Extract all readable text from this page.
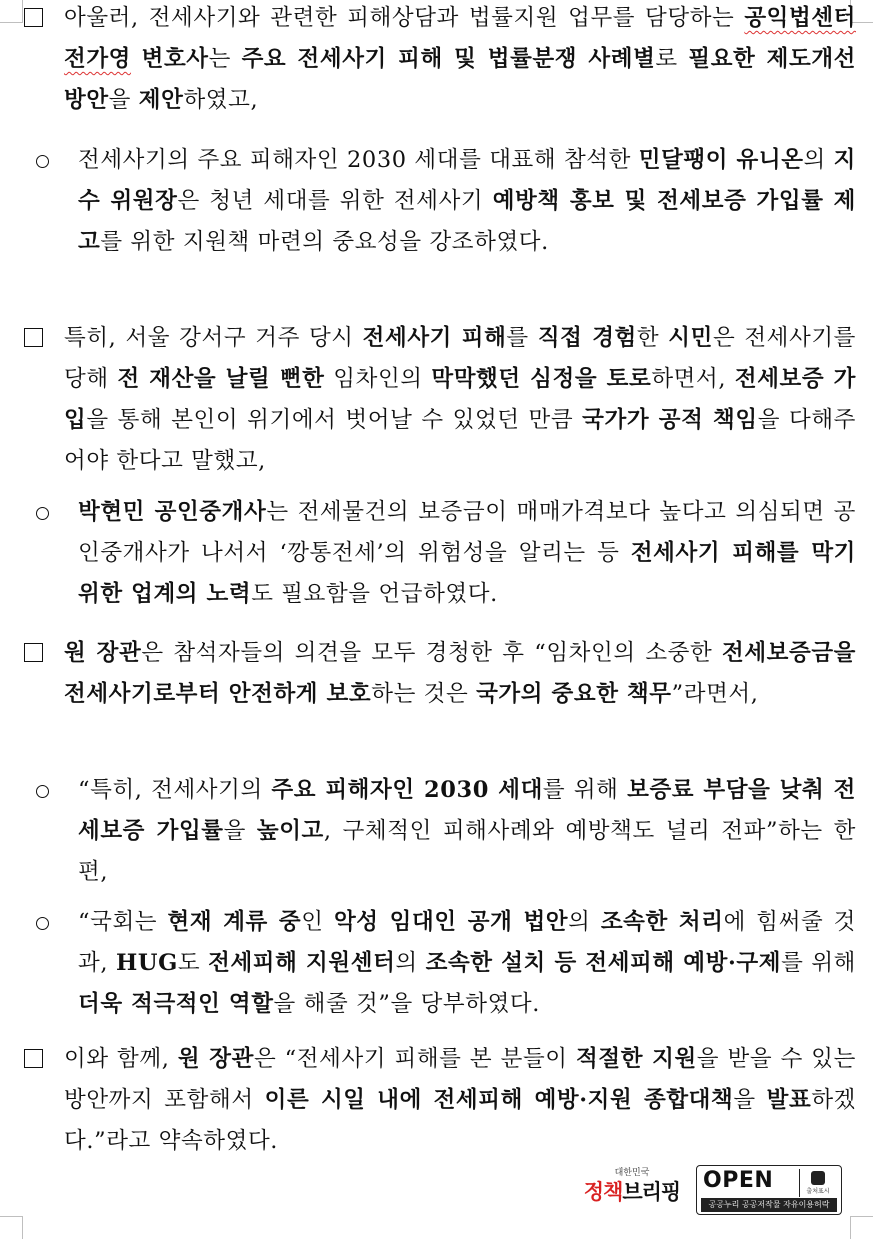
아울러, 전세사기와 관련한 피해상담과 법률지원 업무를 담당하는 공익법센터 전가영 변호사는 주요 전세사기 피해 및 법률분쟁 사례별로 필요한 제도개선 방안을 제안하였고,
전세사기의 주요 피해자인 2030 세대를 대표해 참석한 민달팽이 유니온의 지수 위원장은 청년 세대를 위한 전세사기 예방책 홍보 및 전세보증 가입률 제고를 위한 지원책 마련의 중요성을 강조하였다.
특히, 서울 강서구 거주 당시 전세사기 피해를 직접 경험한 시민은 전세사기를 당해 전 재산을 날릴 뻔한 임차인의 막막했던 심정을 토로하면서, 전세보증 가입을 통해 본인이 위기에서 벗어날 수 있었던 만큼 국가가 공적 책임을 다해주어야 한다고 말했고,
박현민 공인중개사는 전세물건의 보증금이 매매가격보다 높다고 의심되면 공인중개사가 나서서 ‘깡통전세’의 위험성을 알리는 등 전세사기 피해를 막기 위한 업계의 노력도 필요함을 언급하였다.
원 장관은 참석자들의 의견을 모두 경청한 후 “임차인의 소중한 전세보증금을 전세사기로부터 안전하게 보호하는 것은 국가의 중요한 책무”라면서,
“특히, 전세사기의 주요 피해자인 2030 세대를 위해 보증료 부담을 낮춰 전세보증 가입률을 높이고, 구체적인 피해사례와 예방책도 널리 전파”하는 한편,
“국회는 현재 계류 중인 악성 임대인 공개 법안의 조속한 처리에 힘써줄 것과, HUG도 전세피해 지원센터의 조속한 설치 등 전세피해 예방·구제를 위해 더욱 적극적인 역할을 해줄 것”을 당부하였다.
이와 함께, 원 장관은 “전세사기 피해를 본 분들이 적절한 지원을 받을 수 있는 방안까지 포함해서 이른 시일 내에 전세피해 예방·지원 종합대책을 발표하겠다.”라고 약속하였다.
대한민국
정책브리핑 OPEN	출처표시
공공누리 공공저작물 자유이용허락
